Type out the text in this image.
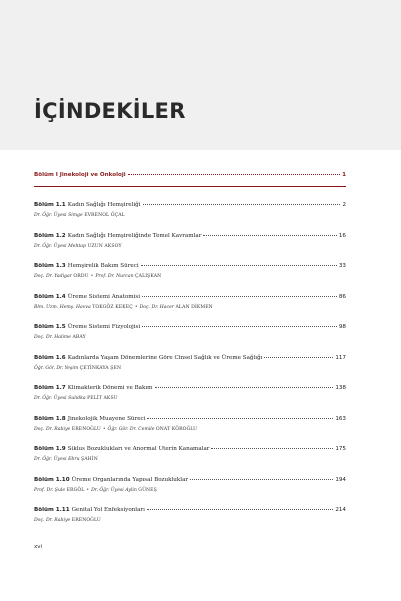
İÇİNDEKİLER
Bölüm I Jinekoloji ve Onkoloji	1
Bölüm 1.1 Kadın Sağlığı Hemşireliği	2
Dr. Öğr. Üyesi Simge EVRENOL ÖÇAL
Bölüm 1.2 Kadın Sağlığı Hemşireliğinde Temel Kavramlar	16
Dr. Öğr. Üyesi Mehtap UZUN AKSOY
Bölüm 1.3 Hemşirelik Bakım Süreci	33
Doç. Dr. Yadigar ORDU • Prof. Dr. Nurcan ÇALIŞKAN
Bölüm 1.4 Üreme Sistemi Anatomisi	86
Blm. Uzm. Hemş. Havva TOKGÖZ KEKEÇ • Doç. Dr. Hacer ALAN DİKMEN
Bölüm 1.5 Üreme Sistemi Fizyolojisi	98
Doç. Dr. Halime ABAY
Bölüm 1.6 Kadınlarda Yaşam Dönemlerine Göre Cinsel Sağlık ve Üreme Sağlığı	117
Öğr. Gör. Dr. Yeşim ÇETİNKAYA ŞEN
Bölüm 1.7 Klimakterik Dönemi ve Bakım	138
Dr. Öğr. Üyesi Sulıdka PELİT AKSU
Bölüm 1.8 Jinekolojik Muayene Süreci	163
Doç. Dr. Rabiye ERENOĞLU • Öğr. Gör. Dr. Cemile ONAT KÖROĞLU
Bölüm 1.9 Siklus Bozuklukları ve Anormal Uterin Kanamalar	175
Dr. Öğr. Üyesi Ebru ŞAHİN
Bölüm 1.10 Üreme Organlarında Yapısal Bozukluklar	194
Prof. Dr. Şule ERGÖL • Dr. Öğr. Üyesi Aylin GÜNEŞ
Bölüm 1.11 Genital Yol Enfeksiyonları	214
Doç. Dr. Rabiye ERENOĞLU

xvi
